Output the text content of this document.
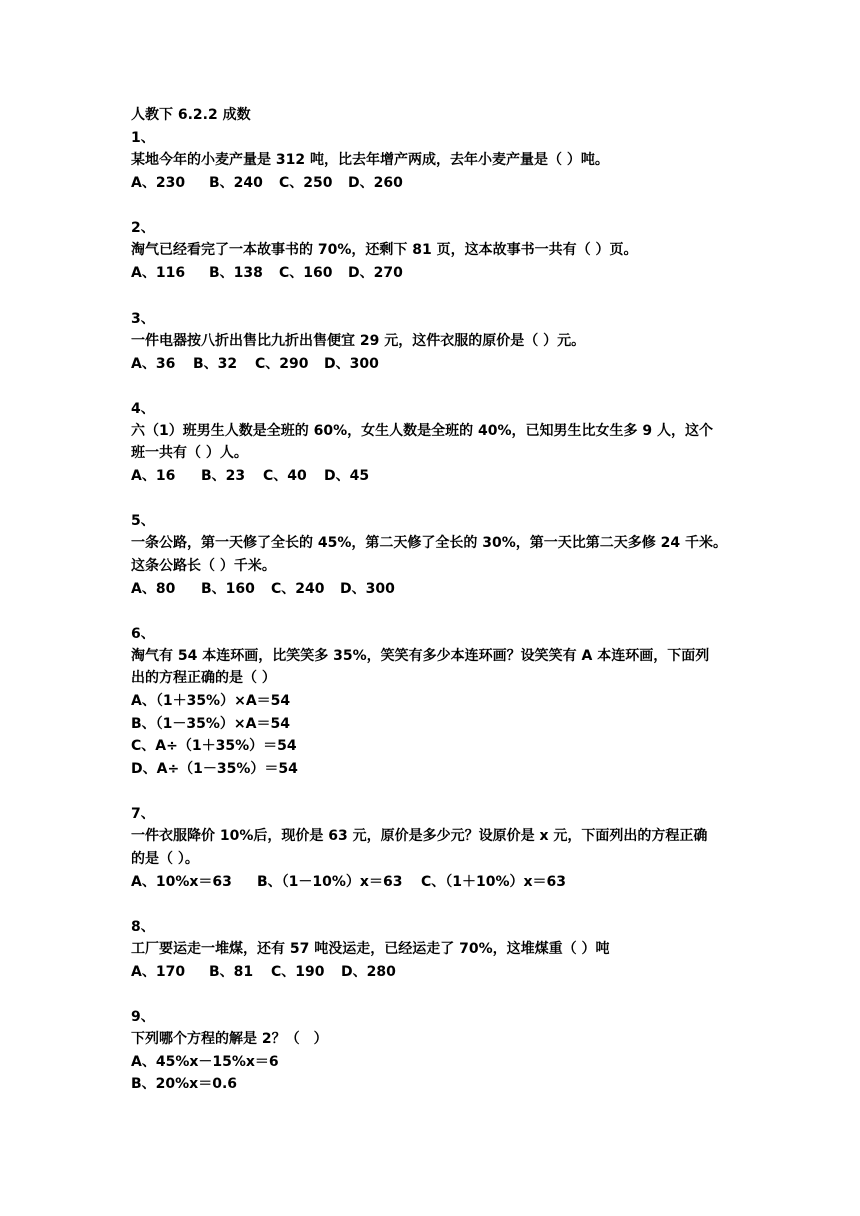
人教下 6.2.2 成数
1、
某地今年的小麦产量是 312 吨，比去年增产两成，去年小麦产量是（ ）吨。
A、230 B、240 C、250 D、260
2、
淘气已经看完了一本故事书的 70%，还剩下 81 页，这本故事书一共有（ ）页。
A、116 B、138 C、160 D、270
3、
一件电器按八折出售比九折出售便宜 29 元，这件衣服的原价是（ ）元。
A、36 B、32 C、290 D、300
4、
六（1）班男生人数是全班的 60%，女生人数是全班的 40%，已知男生比女生多 9 人，这个
班一共有（ ）人。
A、16 B、23 C、40 D、45
5、
一条公路，第一天修了全长的 45%，第二天修了全长的 30%，第一天比第二天多修 24 千米。
这条公路长（ ）千米。
A、80 B、160 C、240 D、300
6、
淘气有 54 本连环画，比笑笑多 35%，笑笑有多少本连环画？设笑笑有 A 本连环画，下面列
出的方程正确的是（ ）
A、（1＋35%）×A＝54
B、（1－35%）×A＝54
C、A÷（1＋35%）＝54
D、A÷（1－35%）＝54
7、
一件衣服降价 10%后，现价是 63 元，原价是多少元？设原价是 x 元，下面列出的方程正确
的是（ ）。
A、10%x＝63 B、（1－10%）x＝63 C、（1＋10%）x＝63
8、
工厂要运走一堆煤，还有 57 吨没运走，已经运走了 70%，这堆煤重（ ）吨
A、170 B、81 C、190 D、280
9、
下列哪个方程的解是 2？（　）
A、45%x－15%x＝6
B、20%x＝0.6
